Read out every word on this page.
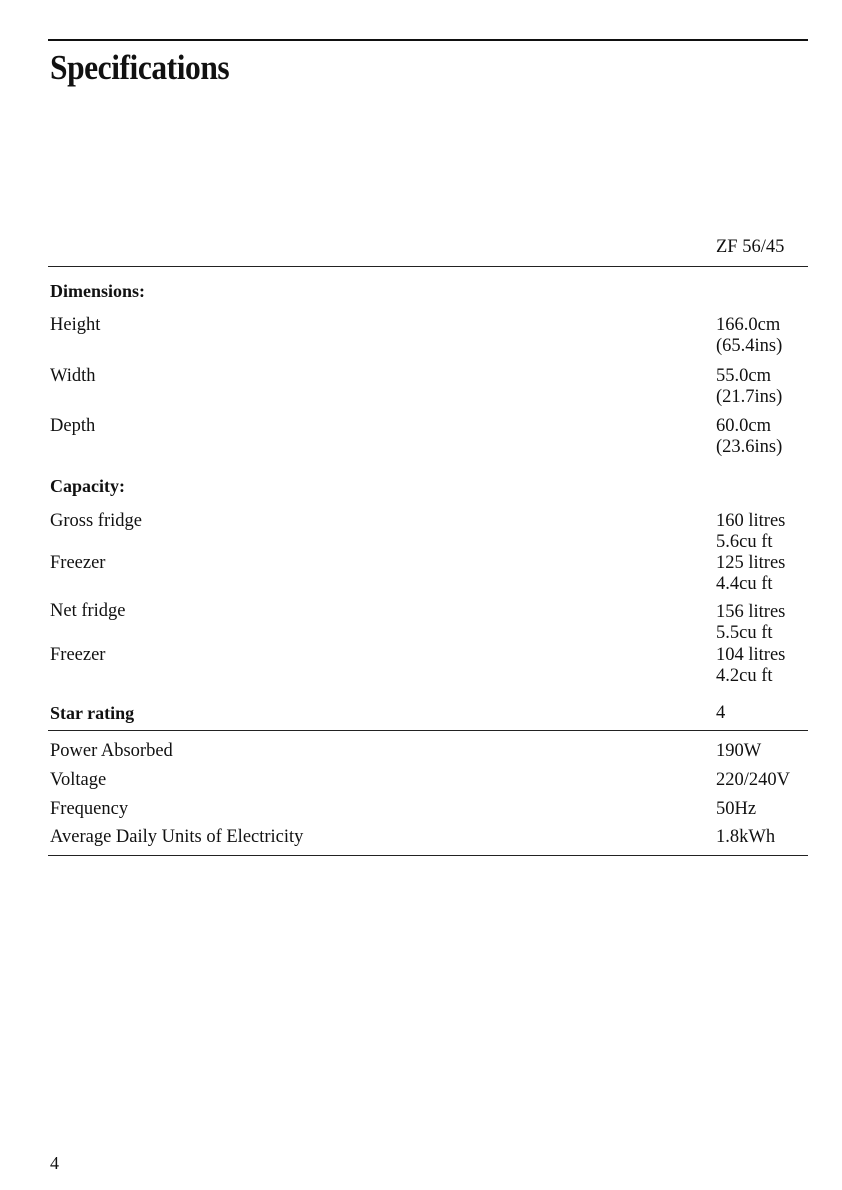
Specifications
ZF 56/45
Dimensions:
Height	166.0cm
(65.4ins)
Width	55.0cm
(21.7ins)
Depth	60.0cm
(23.6ins)
Capacity:
Gross fridge	160 litres
5.6cu ft
Freezer	125 litres
4.4cu ft
Net fridge	156 litres
5.5cu ft
Freezer	104 litres
4.2cu ft
Star rating	4
Power Absorbed	190W
Voltage	220/240V
Frequency	50Hz
Average Daily Units of Electricity	1.8kWh
4
